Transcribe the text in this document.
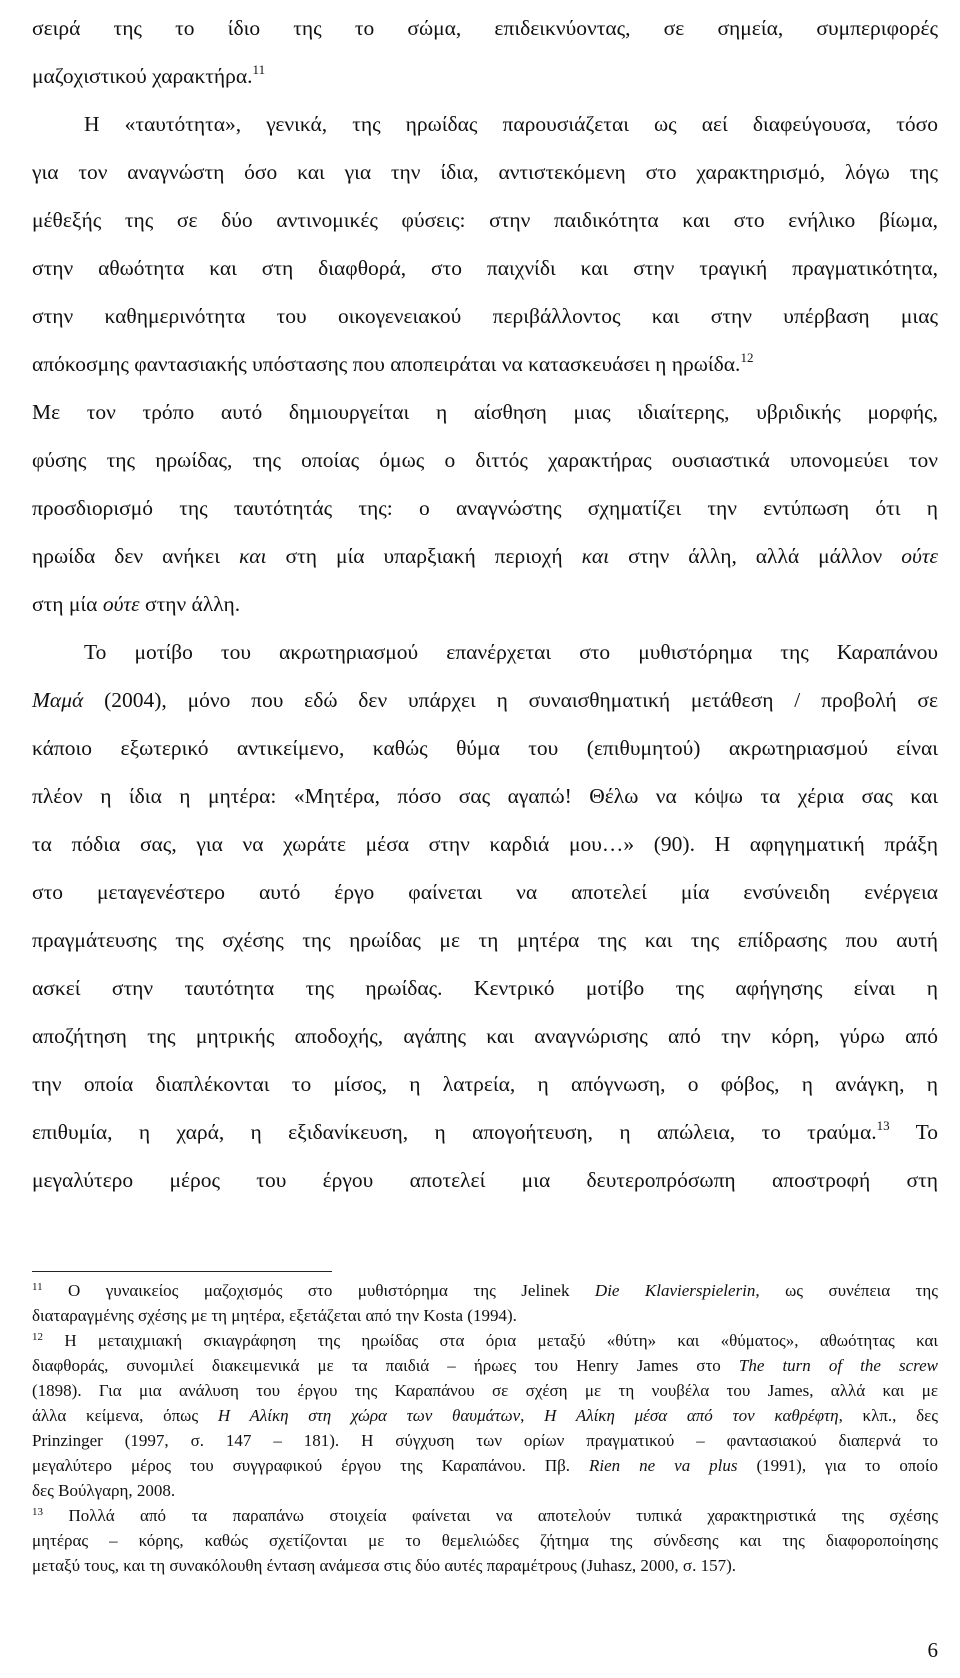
σειρά της το ίδιο της το σώμα, επιδεικνύοντας, σε σημεία, συμπεριφορές
μαζοχιστικού χαρακτήρα.$^{11}$
Η «ταυτότητα», γενικά, της ηρωίδας παρουσιάζεται ως αεί διαφεύγουσα, τόσο
για τον αναγνώστη όσο και για την ίδια, αντιστεκόμενη στο χαρακτηρισμό, λόγω της
μέθεξής της σε δύο αντινομικές φύσεις: στην παιδικότητα και στο ενήλικο βίωμα,
στην αθωότητα και στη διαφθορά, στο παιχνίδι και στην τραγική πραγματικότητα,
στην καθημερινότητα του οικογενειακού περιβάλλοντος και στην υπέρβαση μιας
απόκοσμης φαντασιακής υπόστασης που αποπειράται να κατασκευάσει η ηρωίδα.$^{12}$
Με τον τρόπο αυτό δημιουργείται η αίσθηση μιας ιδιαίτερης, υβριδικής μορφής,
φύσης της ηρωίδας, της οποίας όμως ο διττός χαρακτήρας ουσιαστικά υπονομεύει τον
προσδιορισμό της ταυτότητάς της: ο αναγνώστης σχηματίζει την εντύπωση ότι η
ηρωίδα δεν ανήκει και στη μία υπαρξιακή περιοχή και στην άλλη, αλλά μάλλον ούτε
στη μία ούτε στην άλλη.
Το μοτίβο του ακρωτηριασμού επανέρχεται στο μυθιστόρημα της Καραπάνου
Μαμά (2004), μόνο που εδώ δεν υπάρχει η συναισθηματική μετάθεση / προβολή σε
κάποιο εξωτερικό αντικείμενο, καθώς θύμα του (επιθυμητού) ακρωτηριασμού είναι
πλέον η ίδια η μητέρα: «Μητέρα, πόσο σας αγαπώ! Θέλω να κόψω τα χέρια σας και
τα πόδια σας, για να χωράτε μέσα στην καρδιά μου…» (90). Η αφηγηματική πράξη
στο μεταγενέστερο αυτό έργο φαίνεται να αποτελεί μία ενσύνειδη ενέργεια
πραγμάτευσης της σχέσης της ηρωίδας με τη μητέρα της και της επίδρασης που αυτή
ασκεί στην ταυτότητα της ηρωίδας. Κεντρικό μοτίβο της αφήγησης είναι η
αποζήτηση της μητρικής αποδοχής, αγάπης και αναγνώρισης από την κόρη, γύρω από
την οποία διαπλέκονται το μίσος, η λατρεία, η απόγνωση, ο φόβος, η ανάγκη, η
επιθυμία, η χαρά, η εξιδανίκευση, η απογοήτευση, η απώλεια, το τραύμα.$^{13}$ Το
μεγαλύτερο μέρος του έργου αποτελεί μια δευτεροπρόσωπη αποστροφή στη
$^{11}$ Ο γυναικείος μαζοχισμός στο μυθιστόρημα της Jelinek Die Klavierspielerin, ως συνέπεια της
διαταραγμένης σχέσης με τη μητέρα, εξετάζεται από την Kosta (1994).
$^{12}$ Η μεταιχμιακή σκιαγράφηση της ηρωίδας στα όρια μεταξύ «θύτη» και «θύματος», αθωότητας και
διαφθοράς, συνομιλεί διακειμενικά με τα παιδιά – ήρωες του Henry James στο The turn of the screw
(1898). Για μια ανάλυση του έργου της Καραπάνου σε σχέση με τη νουβέλα του James, αλλά και με
άλλα κείμενα, όπως Η Αλίκη στη χώρα των θαυμάτων, Η Αλίκη μέσα από τον καθρέφτη, κλπ., δες
Prinzinger (1997, σ. 147 – 181). Η σύγχυση των ορίων πραγματικού – φαντασιακού διαπερνά το
μεγαλύτερο μέρος του συγγραφικού έργου της Καραπάνου. Πβ. Rien ne va plus (1991), για το οποίο
δες Βούλγαρη, 2008.
$^{13}$ Πολλά από τα παραπάνω στοιχεία φαίνεται να αποτελούν τυπικά χαρακτηριστικά της σχέσης
μητέρας – κόρης, καθώς σχετίζονται με το θεμελιώδες ζήτημα της σύνδεσης και της διαφοροποίησης
μεταξύ τους, και τη συνακόλουθη ένταση ανάμεσα στις δύο αυτές παραμέτρους (Juhasz, 2000, σ. 157).
6
